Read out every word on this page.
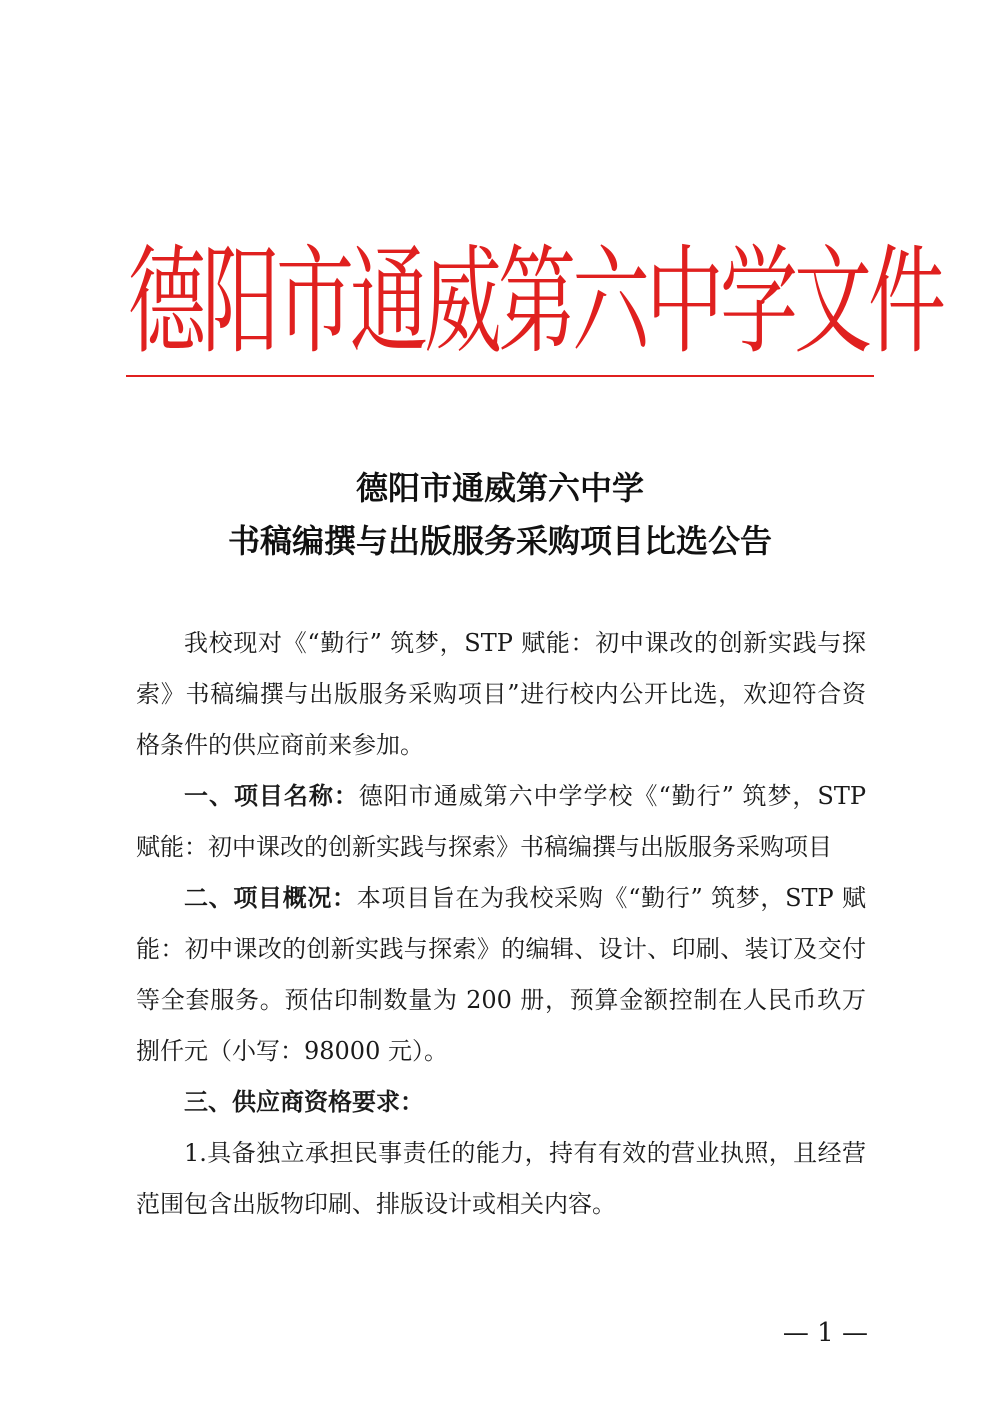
德阳市通威第六中学文件
德阳市通威第六中学
书稿编撰与出版服务采购项目比选公告

我校现对《“勤行” 筑梦，STP 赋能：初中课改的创新实践与探索》书稿编撰与出版服务采购项目”进行校内公开比选，欢迎符合资格条件的供应商前来参加。

一、项目名称：德阳市通威第六中学学校《“勤行” 筑梦，STP 赋能：初中课改的创新实践与探索》书稿编撰与出版服务采购项目

二、项目概况：本项目旨在为我校采购《“勤行” 筑梦，STP 赋能：初中课改的创新实践与探索》的编辑、设计、印刷、装订及交付等全套服务。预估印制数量为 200 册，预算金额控制在人民币玖万捌仟元（小写：98000 元）。

三、供应商资格要求：

1.具备独立承担民事责任的能力，持有有效的营业执照，且经营范围包含出版物印刷、排版设计或相关内容。

— 1 —
